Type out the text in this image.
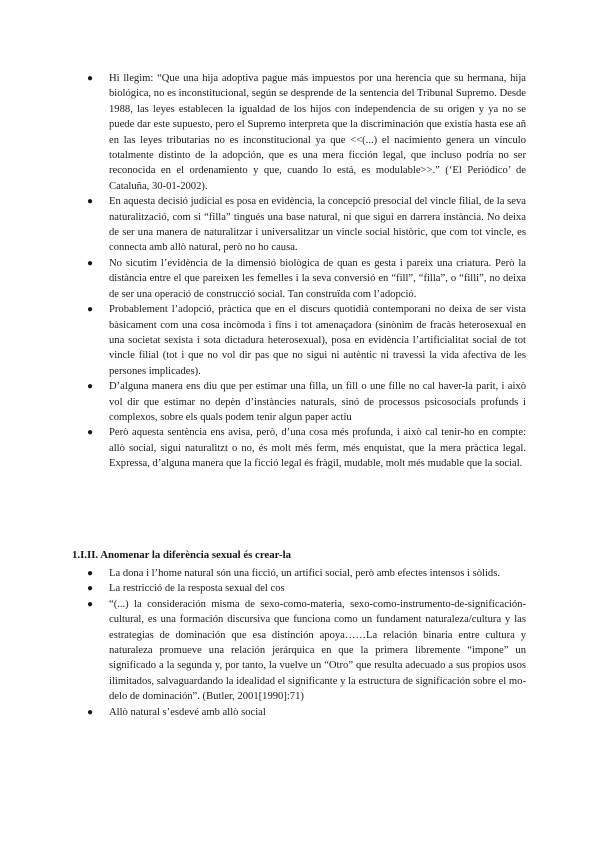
● Hi llegim: “Que una hija adoptiva pague más impuestos por una herencia que su hermana, hija biológica, no es inconstitucional, según se desprende de la sentencia del Tribunal Supremo. Desde 1988, las leyes establecen la igualdad de los hijos con independencia de su origen y ya no se puede dar este supuesto, pero el Supremo interpreta que la discriminación que existía hasta ese añ en las leyes tributarias no es inconstitucional ya que <<(...) el nacimiento genera un vínculo totalmente distinto de la adopción, que es una mera ficción legal, que incluso podría no ser reconocida en el ordenamiento y que, cuando lo está, es modulable>>.” (‘El Periódico’ de Cataluña, 30-01-2002).
● En aquesta decisió judicial es posa en evidència, la concepció presocial del vincle filial, de la seva naturalització, com si “filla” tingués una base natural, ni que sigui en darrera instància. No deixa de ser una manera de naturalitzar i universalitzar un vincle social històric, que com tot vincle, es connecta amb allò natural, però no ho causa.
● No sicutim l’evidència de la dimensió biològica de quan es gesta i pareix una criatura. Però la distància entre el que pareixen les femelles i la seva conversió en “fill”, “filla”, o “filli”, no deixa de ser una operació de construcció social. Tan construïda com l’adopció.
● Probablement l’adopció, pràctica que en el discurs quotidià contemporani no deixa de ser vista bàsicament com una cosa incòmoda i fins i tot amenaçadora (sinònim de fracàs heterosexual en una societat sexista i sota dictadura heterosexual), posa en evidència l’artificialitat social de tot vincle filial (tot i que no vol dir pas que no sigui ni autèntic ni travessi la vida afectiva de les persones implicades).
● D’alguna manera ens diu que per estimar una filla, un fill o une fille no cal haver-la parit, i això vol dir que estimar no depèn d’instàncies naturals, sinó de processos psicosocials profunds i complexos, sobre els quals podem tenir algun paper actiu
● Però aquesta sentència ens avisa, però, d’una cosa més profunda, i això cal tenir-ho en compte: allò social, sigui naturalitzt o no, és molt més ferm, més enquistat, que la mera pràctica legal. Expressa, d’alguna manera que la ficció legal és fràgil, mudable, molt més mudable que la social.
1.I.II. Anomenar la diferència sexual és crear-la
● La dona i l’home natural són una ficció, un artifici social, però amb efectes intensos i sòlids.
● La restricció de la resposta sexual del cos
● “(...) la consideración misma de sexo-como-materia, sexo-como-instrumento-de-significación-cultural, es una formación discursiva que funciona como un fundament naturaleza/cultura y las estrategias de dominación que esa distinción apoya……La relación binaria entre cultura y naturaleza promueve una relación jerárquica en que la primera libremente “impone” un significado a la segunda y, por tanto, la vuelve un “Otro” que resulta adecuado a sus propios usos ilimitados, salvaguardando la idealidad el significante y la estructura de significación sobre el mo-delo de dominación”. (Butler, 2001[1990]:71)
● Allò natural s’esdevé amb allò social
